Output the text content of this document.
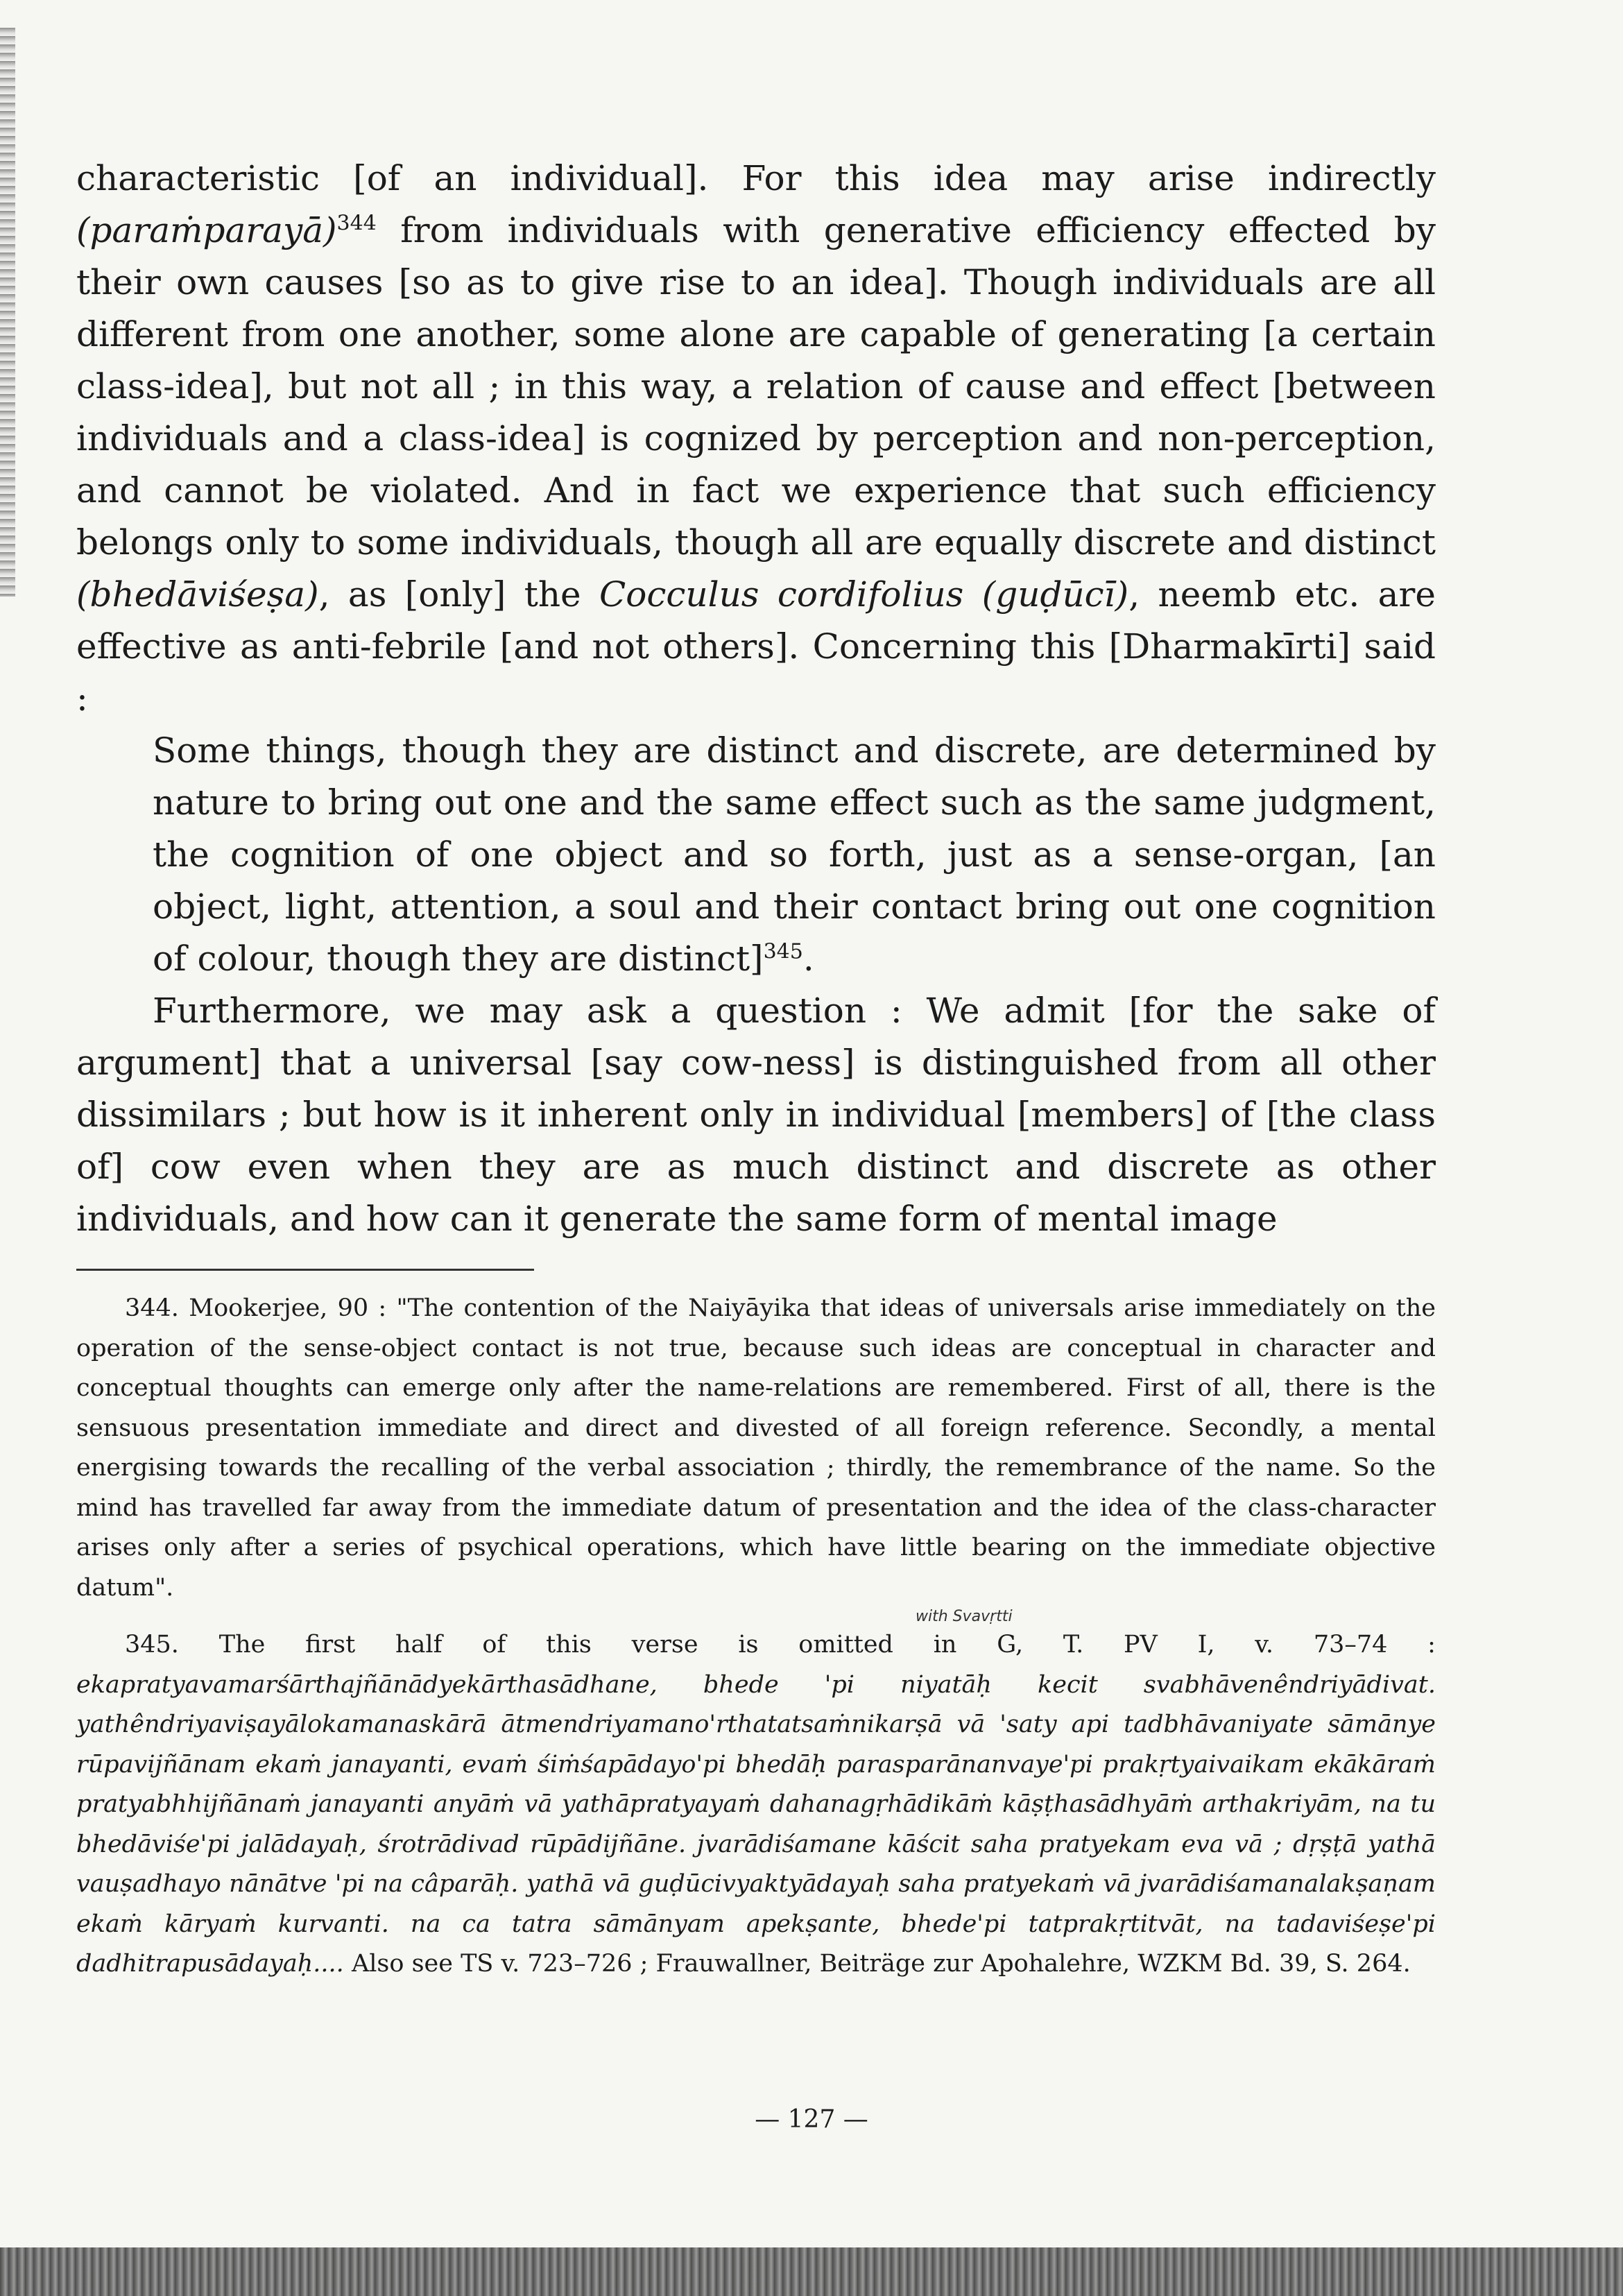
characteristic [of an individual]. For this idea may arise indirectly (paraṁparayā)$^{344}$ from individuals with generative efficiency effected by their own causes [so as to give rise to an idea]. Though individuals are all different from one another, some alone are capable of generating [a certain class-idea], but not all ; in this way, a relation of cause and effect [between individuals and a class-idea] is cognized by perception and non-perception, and cannot be violated. And in fact we experience that such efficiency belongs only to some individuals, though all are equally discrete and distinct (bhedāviśeṣa), as [only] the Cocculus cordifolius (guḍūcī), neemb etc. are effective as anti-febrile [and not others]. Concerning this [Dharmakīrti] said :

Some things, though they are distinct and discrete, are determined by nature to bring out one and the same effect such as the same judgment, the cognition of one object and so forth, just as a sense-organ, [an object, light, attention, a soul and their contact bring out one cognition of colour, though they are distinct]$^{345}$.

Furthermore, we may ask a question : We admit [for the sake of argument] that a universal [say cow-ness] is distinguished from all other dissimilars ; but how is it inherent only in individual [members] of [the class of] cow even when they are as much distinct and discrete as other individuals, and how can it generate the same form of mental image

344. Mookerjee, 90 : "The contention of the Naiyāyika that ideas of universals arise immediately on the operation of the sense-object contact is not true, because such ideas are conceptual in character and conceptual thoughts can emerge only after the name-relations are remembered. First of all, there is the sensuous presentation immediate and direct and divested of all foreign reference. Secondly, a mental energising towards the recalling of the verbal association ; thirdly, the remembrance of the name. So the mind has travelled far away from the immediate datum of presentation and the idea of the class-character arises only after a series of psychical operations, which have little bearing on the immediate objective datum".

with Svavṛtti

345. The first half of this verse is omitted in G, T. PV I, v. 73–74 : ekapratyavamarśārthajñānādyekārthasādhane, bhede 'pi niyatāḥ kecit svabhāvenêndriyādivat. yathêndriyaviṣayālokamanaskārā ātmendriyamano'rthatatsaṁnikarṣā vā 'saty api tadbhāvaniyate sāmānye rūpavijñānam ekaṁ janayanti, evaṁ śiṁśapādayo'pi bhedāḥ parasparānanvaye'pi prakṛtyaivaikam ekākāraṁ pratyabhhijñānaṁ janayanti anyāṁ vā yathāpratyayaṁ dahanagṛhādikāṁ kāṣṭhasādhyāṁ arthakriyām, na tu bhedāviśe'pi jalādayaḥ, śrotrādivad rūpādijñāne. jvarādiśamane kāścit saha pratyekam eva vā ; dṛṣṭā yathā vauṣadhayo nānātve 'pi na câparāḥ. yathā vā guḍūcivyaktyādayaḥ saha pratyekaṁ vā jvarādiśamanalakṣaṇam ekaṁ kāryaṁ kurvanti. na ca tatra sāmānyam apekṣante, bhede'pi tatprakṛtitvāt, na tadaviśeṣe'pi dadhitrapusādayaḥ.... Also see TS v. 723–726 ; Frauwallner, Beiträge zur Apohalehre, WZKM Bd. 39, S. 264.

— 127 —
